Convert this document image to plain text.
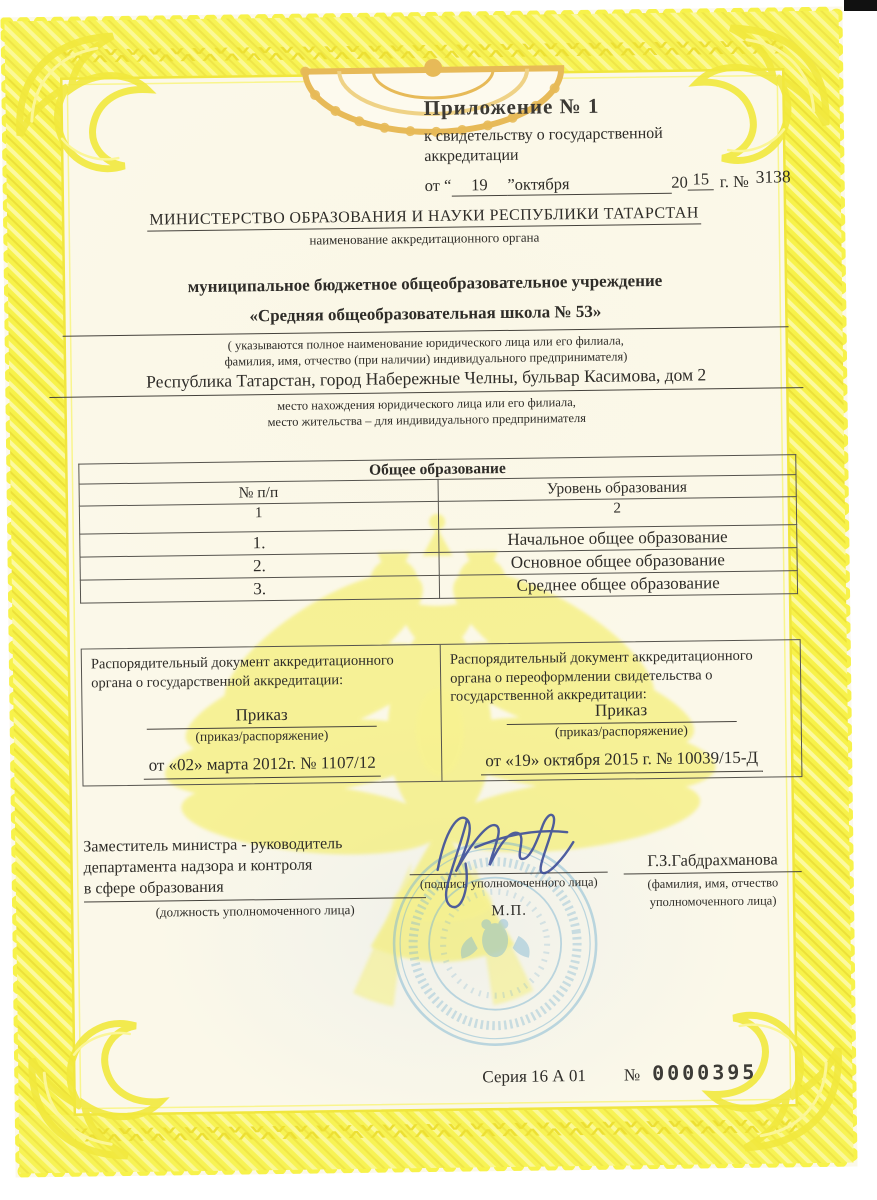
Приложение № 1
к свидетельству о государственной
аккредитации
от “	19	”октября	20 15 г. № 3138
МИНИСТЕРСТВО ОБРАЗОВАНИЯ И НАУКИ РЕСПУБЛИКИ ТАТАРСТАН
наименование аккредитационного органа
муниципальное бюджетное общеобразовательное учреждение
«Средняя общеобразовательная школа № 53»
( указываются полное наименование юридического лица или его филиала,
фамилия, имя, отчество (при наличии) индивидуального предпринимателя)
Республика Татарстан, город Набережные Челны, бульвар Касимова, дом 2
место нахождения юридического лица или его филиала,
место жительства – для индивидуального предпринимателя
Общее образование	
№ п/п	Уровень образования
1	2
1.	Начальное общее образование
2.	Основное общее образование
3.	Среднее общее образование
Распорядительный документ аккредитационного органа о государственной аккредитации:
Приказ
(приказ/распоряжение)
от «02» марта 2012г. № 1107/12
Распорядительный документ аккредитационного органа о переоформлении свидетельства о государственной аккредитации:
Приказ
(приказ/распоряжение)
от «19» октября 2015 г. № 10039/15-Д
Заместитель министра - руководитель
департамента надзора и контроля
в сфере образования
(должность уполномоченного лица)
(подпись уполномоченного лица)
М.П.
Г.З.Габдрахманова
(фамилия, имя, отчество
уполномоченного лица)
Серия 16 А 01 № 0000395
